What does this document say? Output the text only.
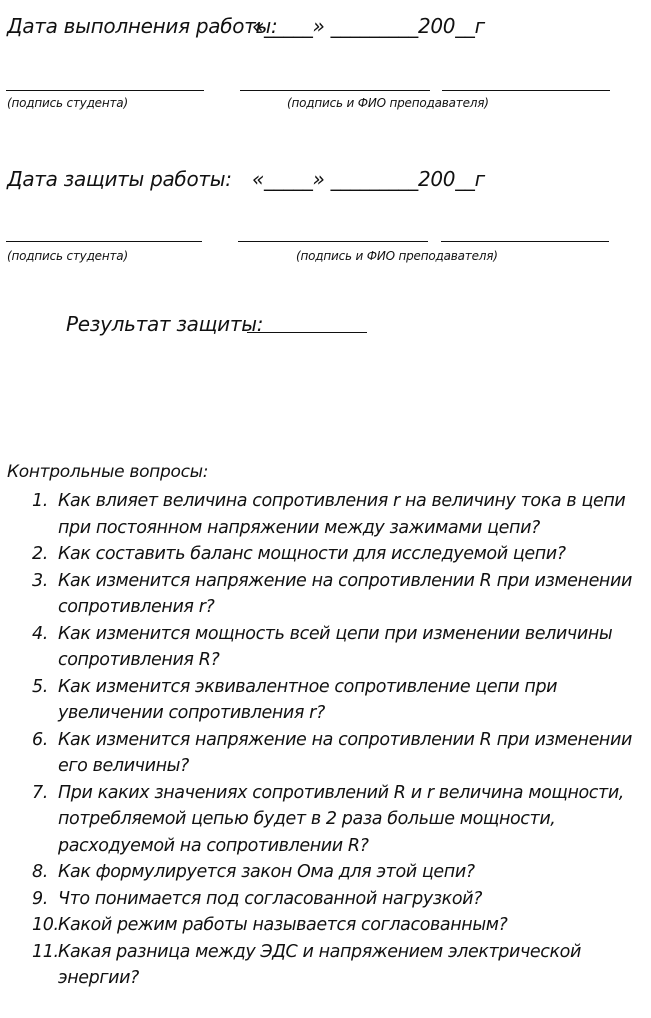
Дата выполнения работы:
«_____» _________200__г
(подпись студента)	(подпись и ФИО преподавателя)
Дата защиты работы: «_____» _________200__г
(подпись студента)	(подпись и ФИО преподавателя)
Результат защиты:
Контрольные вопросы:
1. Как влияет величина сопротивления r на величину тока в цепи при постоянном напряжении между зажимами цепи?
2. Как составить баланс мощности для исследуемой цепи?
3. Как изменится напряжение на сопротивлении R при изменении сопротивления r?
4. Как изменится мощность всей цепи при изменении величины сопротивления R?
5. Как изменится эквивалентное сопротивление цепи при увеличении сопротивления r?
6. Как изменится напряжение на сопротивлении R при изменении его величины?
7. При каких значениях сопротивлений R и r величина мощности, потребляемой цепью будет в 2 раза больше мощности, расходуемой на сопротивлении R?
8. Как формулируется закон Ома для этой цепи?
9. Что понимается под согласованной нагрузкой?
10. Какой режим работы называется согласованным?
11. Какая разница между ЭДС и напряжением электрической энергии?
